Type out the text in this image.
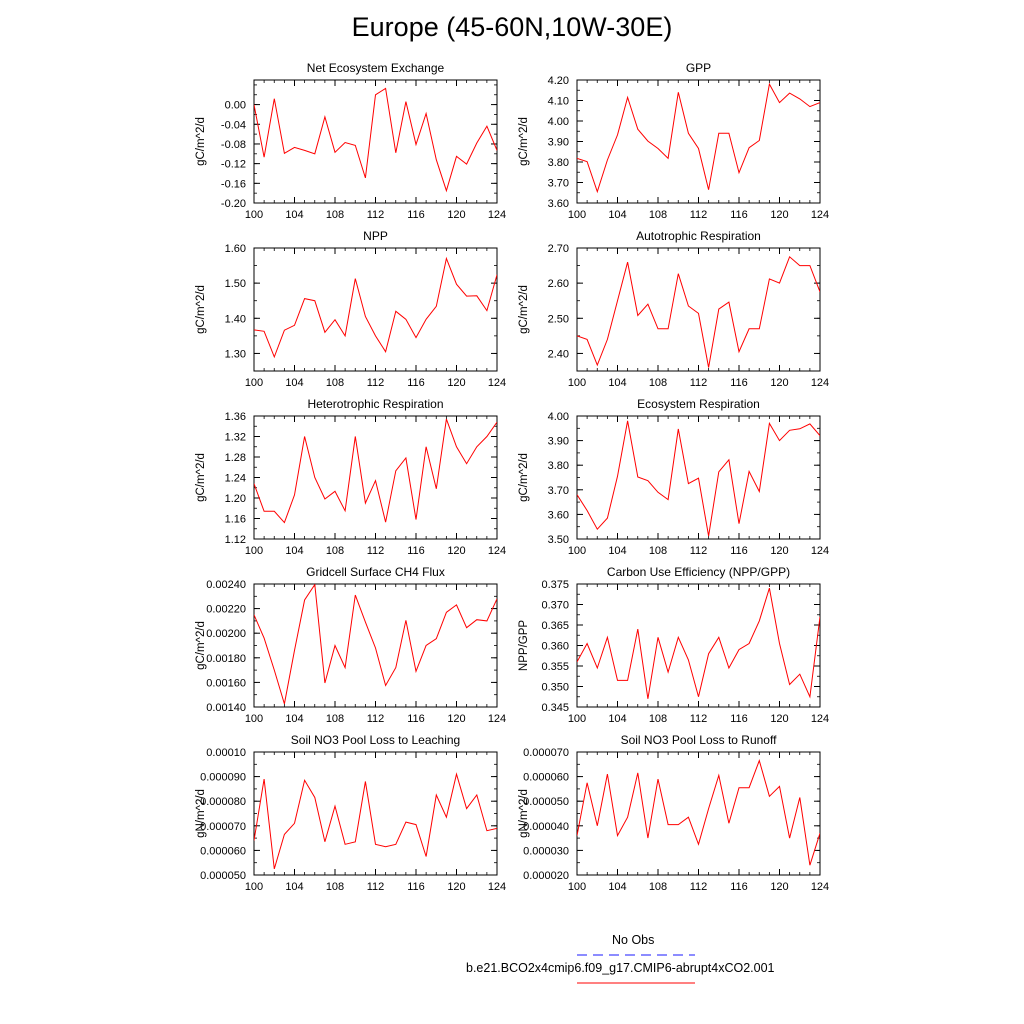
Europe (45-60N,10W-30E)
Net Ecosystem Exchange
100 104 108 112 116 120 124
0.00
-0.04
-0.08
-0.12
-0.16
-0.20
gC/m^2/d
GPP
100 104 108 112 116 120 124
4.20
4.10
4.00
3.90
3.80
3.70
3.60
gC/m^2/d
NPP
100 104 108 112 116 120 124
1.60
1.50
1.40
1.30
gC/m^2/d
Autotrophic Respiration
100 104 108 112 116 120 124
2.70
2.60
2.50
2.40
gC/m^2/d
Heterotrophic Respiration
100 104 108 112 116 120 124
1.36
1.32
1.28
1.24
1.20
1.16
1.12
gC/m^2/d
Ecosystem Respiration
100 104 108 112 116 120 124
4.00
3.90
3.80
3.70
3.60
3.50
gC/m^2/d
Gridcell Surface CH4 Flux
100 104 108 112 116 120 124
0.00240
0.00220
0.00200
0.00180
0.00160
0.00140
gC/m^2/d
Carbon Use Efficiency (NPP/GPP)
100 104 108 112 116 120 124
0.375
0.370
0.365
0.360
0.355
0.350
0.345
NPP/GPP
Soil NO3 Pool Loss to Leaching
100 104 108 112 116 120 124
0.00010
0.000090
0.000080
0.000070
0.000060
0.000050
gN/m^2/d
Soil NO3 Pool Loss to Runoff
100 104 108 112 116 120 124
0.000070
0.000060
0.000050
0.000040
0.000030
0.000020
gN/m^2/d
No Obs
b.e21.BCO2x4cmip6.f09_g17.CMIP6-abrupt4xCO2.001
